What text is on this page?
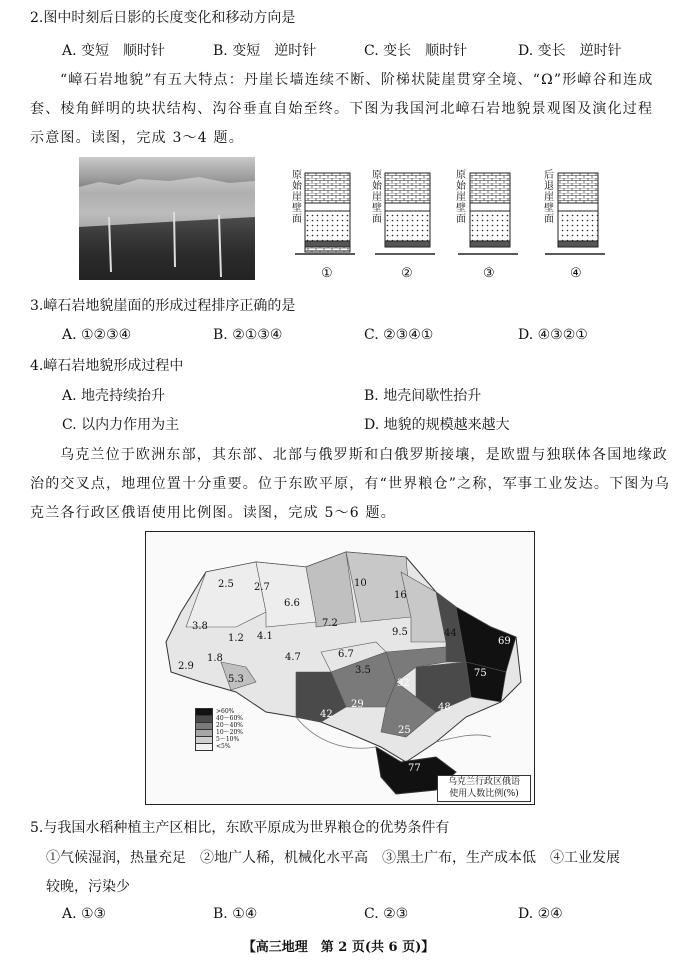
2.图中时刻后日影的长度变化和移动方向是
A. 变短　顺时针	B. 变短　逆时针	C. 变长　顺时针	D. 变长　逆时针
“嶂石岩地貌”有五大特点：丹崖长墙连续不断、阶梯状陡崖贯穿全境、“Ω”形嶂谷和连成
套、棱角鲜明的块状结构、沟谷垂直自始至终。下图为我国河北嶂石岩地貌景观图及演化过程
示意图。读图，完成 3～4 题。
原始崖壁面
原始崖壁面
原始崖壁面
后退崖壁面
①	②	③	④
3.嶂石岩地貌崖面的形成过程排序正确的是
A. ①②③④	B. ②①③④	C. ②③④①	D. ④③②①
4.嶂石岩地貌形成过程中
A. 地壳持续抬升	B. 地壳间歇性抬升
C. 以内力作用为主	D. 地貌的规模越来越大
乌克兰位于欧洲东部，其东部、北部与俄罗斯和白俄罗斯接壤，是欧盟与独联体各国地缘政
治的交叉点，地理位置十分重要。位于东欧平原，有“世界粮仓”之称，军事工业发达。下图为乌
克兰各行政区俄语使用比例图。读图，完成 5～6 题。
2.5 2.7
6.6
10
16
3.8
1.2 4.1
7.2
9.5	44
69
2.9
1.8	4.7	6.7
3.5
5.3	32
75
42
29	48
25
77
>60%
40～60%
20～40%
10～20%
5～10%
<5%
乌克兰行政区俄语
使用人数比例(%)
5.与我国水稻种植主产区相比，东欧平原成为世界粮仓的优势条件有
①气候湿润，热量充足　②地广人稀，机械化水平高　③黑土广布，生产成本低　④工业发展
较晚，污染少
A. ①③	B. ①④	C. ②③	D. ②④
【高三地理　第 2 页(共 6 页)】
